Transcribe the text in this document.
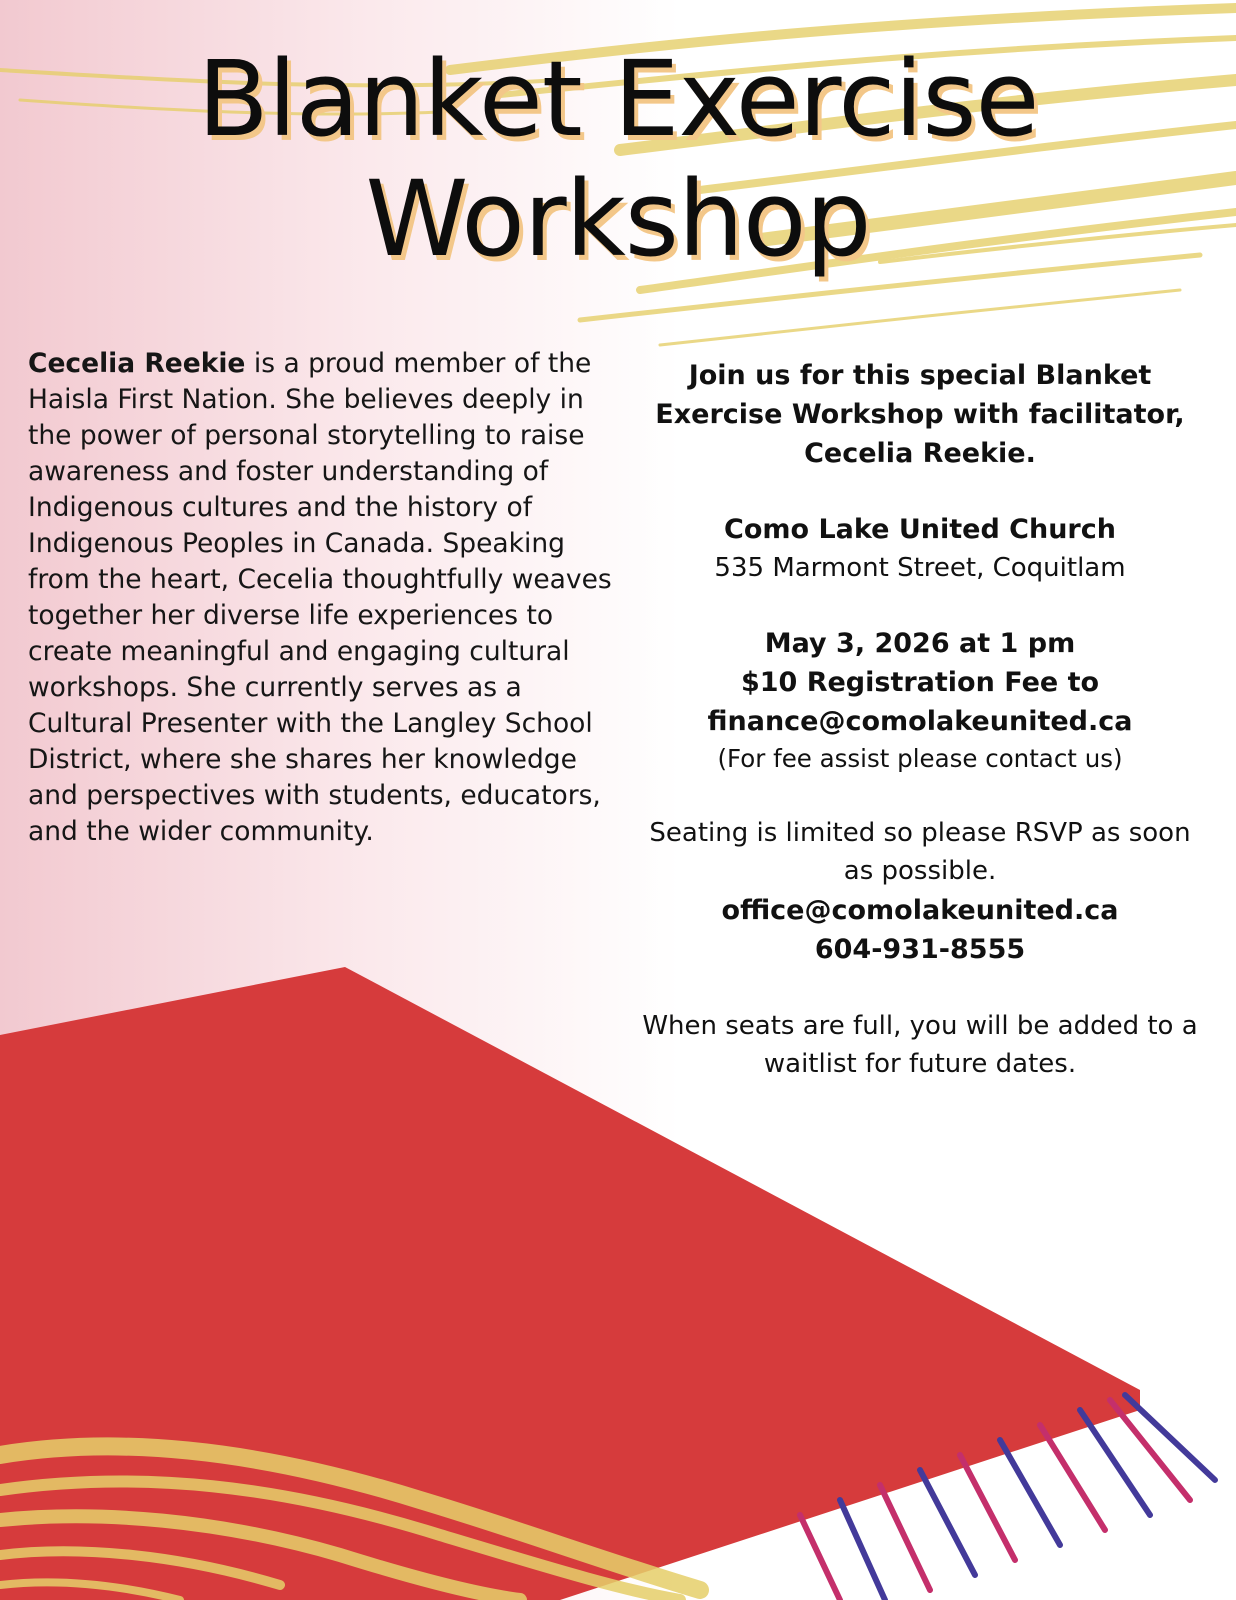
Blanket Exercise
Workshop

Cecelia Reekie is a proud member of the Haisla First Nation. She believes deeply in the power of personal storytelling to raise awareness and foster understanding of Indigenous cultures and the history of Indigenous Peoples in Canada. Speaking from the heart, Cecelia thoughtfully weaves together her diverse life experiences to create meaningful and engaging cultural workshops. She currently serves as a Cultural Presenter with the Langley School District, where she shares her knowledge and perspectives with students, educators, and the wider community.

Join us for this special Blanket Exercise Workshop with facilitator, Cecelia Reekie.

Como Lake United Church

535 Marmont Street, Coquitlam

May 3, 2026 at 1 pm

$10 Registration Fee to

finance@comolakeunited.ca

(For fee assist please contact us)

Seating is limited so please RSVP as soon as possible.

office@comolakeunited.ca

604-931-8555

When seats are full, you will be added to a waitlist for future dates.
